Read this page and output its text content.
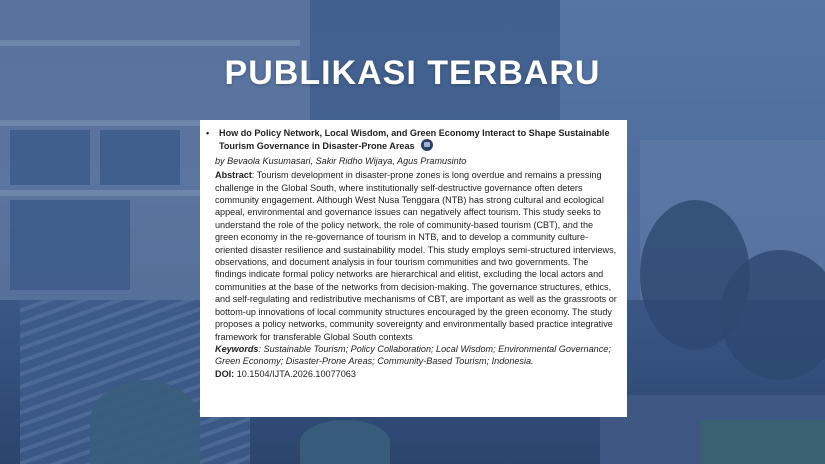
PUBLIKASI TERBARU
• How do Policy Network, Local Wisdom, and Green Economy Interact to Shape Sustainable Tourism Governance in Disaster-Prone Areas
by Bevaola Kusumasari, Sakir Ridho Wijaya, Agus Pramusinto
Abstract: Tourism development in disaster-prone zones is long overdue and remains a pressing challenge in the Global South, where institutionally self-destructive governance often deters community engagement. Although West Nusa Tenggara (NTB) has strong cultural and ecological appeal, environmental and governance issues can negatively affect tourism. This study seeks to understand the role of the policy network, the role of community-based tourism (CBT), and the green economy in the re-governance of tourism in NTB, and to develop a community culture-oriented disaster resilience and sustainability model. This study employs semi-structured interviews, observations, and document analysis in four tourism communities and two governments. The findings indicate formal policy networks are hierarchical and elitist, excluding the local actors and communities at the base of the networks from decision-making. The governance structures, ethics, and self-regulating and redistributive mechanisms of CBT, are important as well as the grassroots or bottom-up innovations of local community structures encouraged by the green economy. The study proposes a policy networks, community sovereignty and environmentally based practice integrative framework for transferable Global South contexts
Keywords: Sustainable Tourism; Policy Collaboration; Local Wisdom; Environmental Governance; Green Economy; Disaster-Prone Areas; Community-Based Tourism; Indonesia.
DOI: 10.1504/IJTA.2026.10077063
